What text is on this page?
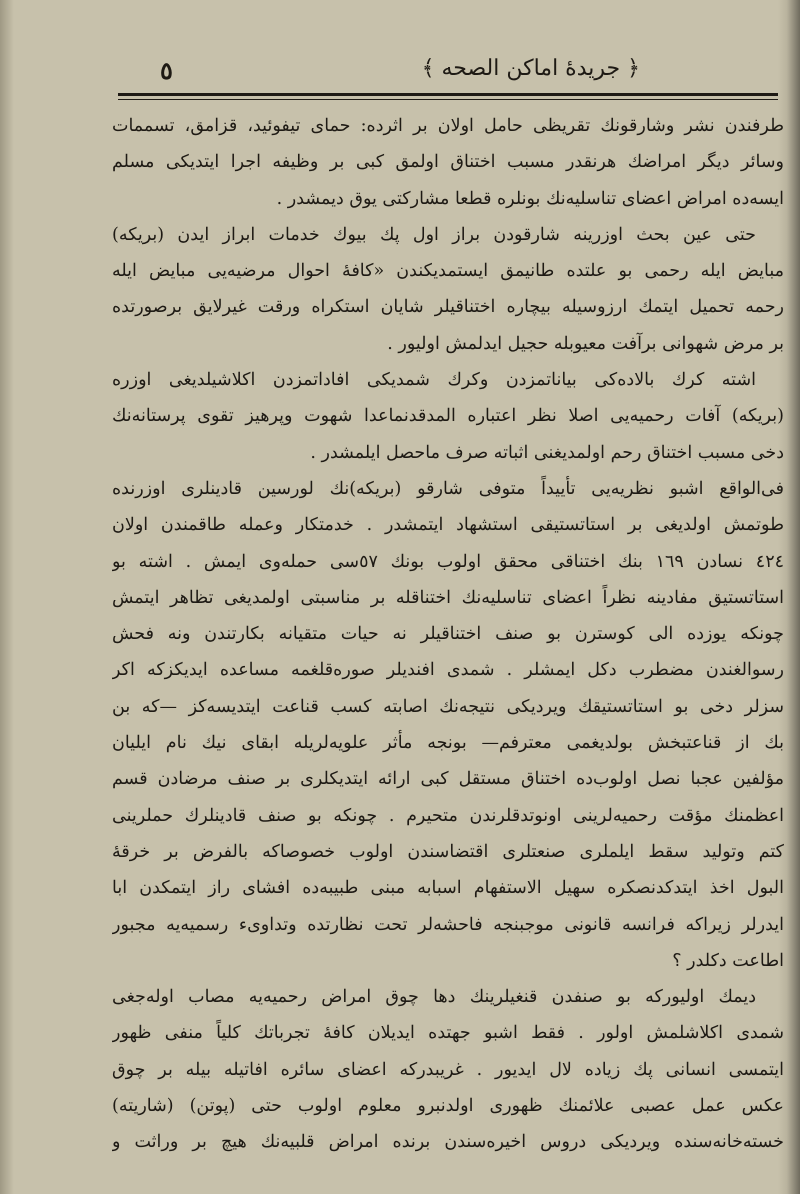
﴿ جريدهٔ اماكن الصحه ﴾
٥
طرفندن نشر وشارقونك تقريظى حامل اولان بر اثرده: حماى تيفوئيد، قزامق، تسممات
وسائر ديگر امراضك هرنقدر مسبب اختناق اولمق كبى بر وظيفه اجرا ايتديكى مسلم
ايسه‌ده امراض اعضاى تناسليه‌نك بونلره قطعا مشاركتى يوق ديمشدر .
حتى عين بحث اوزرينه شارقودن براز اول پك بيوك خدمات ابراز ايدن (بريكه)
مبايض ايله رحمى بو علتده طانيمق ايستمديكندن «كافهٔ احوال مرضيه‌يى مبايض ايله
رحمه تحميل ايتمك ارزوسيله بيچاره اختناقيلر شايان استكراه ورقت غيرلايق برصورتده
بر مرض شهوانى برآفت معيوبله حجيل ايدلمش اوليور .
اشته كرك بالاده‌كى بياناتمزدن وكرك شمديكى افاداتمزدن اكلاشيلديغى اوزره
(بريكه) آفات رحميه‌يى اصلا نظر اعتباره المدقدنماعدا شهوت وپرهيز تقوى پرستانه‌نك
دخى مسبب اختناق رحم اولمديغنى اثباته صرف ماحصل ايلمشدر .
فى‌الواقع اشبو نظريه‌يى تأييداً متوفى شارقو (بريكه)نك لورسين قادينلرى اوزرنده
طوتمش اولديغى بر استاتستيقى استشهاد ايتمشدر . خدمتكار وعمله طاقمندن اولان
٤٢٤ نسادن ١٦٩ بنك اختناقى محقق اولوب بونك ٥٧سى حمله‌وى ايمش . اشته بو
استاتستيق مفادينه نظراً اعضاى تناسليه‌نك اختناقله بر مناسبتى اولمديغى تظاهر ايتمش
چونكه يوزده الى كوسترن بو صنف اختناقيلر نه حيات متقيانه بكارتندن ونه فحش
رسوالغندن مضطرب دكل ايمشلر . شمدى افنديلر صوره‌قلغمه مساعده ايديكزكه اكر
سزلر دخى بو استاتستيقك ويرديكى نتيجه‌نك اصابته كسب قناعت ايتديسه‌كز —كه بن
بك از قناعتبخش بولديغمى معترفم— بونجه مأثر علويه‌لريله ابقاى نيك نام ايليان
مؤلفين عجبا نصل اولوب‌ده اختناق مستقل كبى ارائه ايتديكلرى بر صنف مرضادن قسم
اعظمنك مؤقت رحميه‌لرينى اونوتدقلرندن متحيرم . چونكه بو صنف قادينلرك حملرينى
كتم وتوليد سقط ايلملرى صنعتلرى اقتضاسندن اولوب خصوصاكه بالفرض بر خرقهٔ
البول اخذ ايتدكدنصكره سهيل الاستفهام اسبابه مبنى طبيبه‌ده افشاى راز ايتمكدن ابا
ايدرلر زيراكه فرانسه قانونى موجبنجه فاحشه‌لر تحت نظارتده وتداوىء رسميه‌يه مجبور
اطاعت دكلدر ؟
ديمك اوليوركه بو صنفدن قنغيلرينك دها چوق امراض رحميه‌يه مصاب اوله‌جغى
شمدى اكلاشلمش اولور . فقط اشبو جهتده ايديلان كافهٔ تجرباتك كلياً منفى ظهور
ايتمسى انسانى پك زياده لال ايديور . غريبدركه اعضاى سائره افاتيله بيله بر چوق
عكس عمل عصبى علائمنك ظهورى اولدنبرو معلوم اولوب حتى (پوتن) (شاريته)
خسته‌خانه‌سنده ويرديكى دروس اخيره‌سندن برنده امراض قلبيه‌نك هيچ بر وراثت و
